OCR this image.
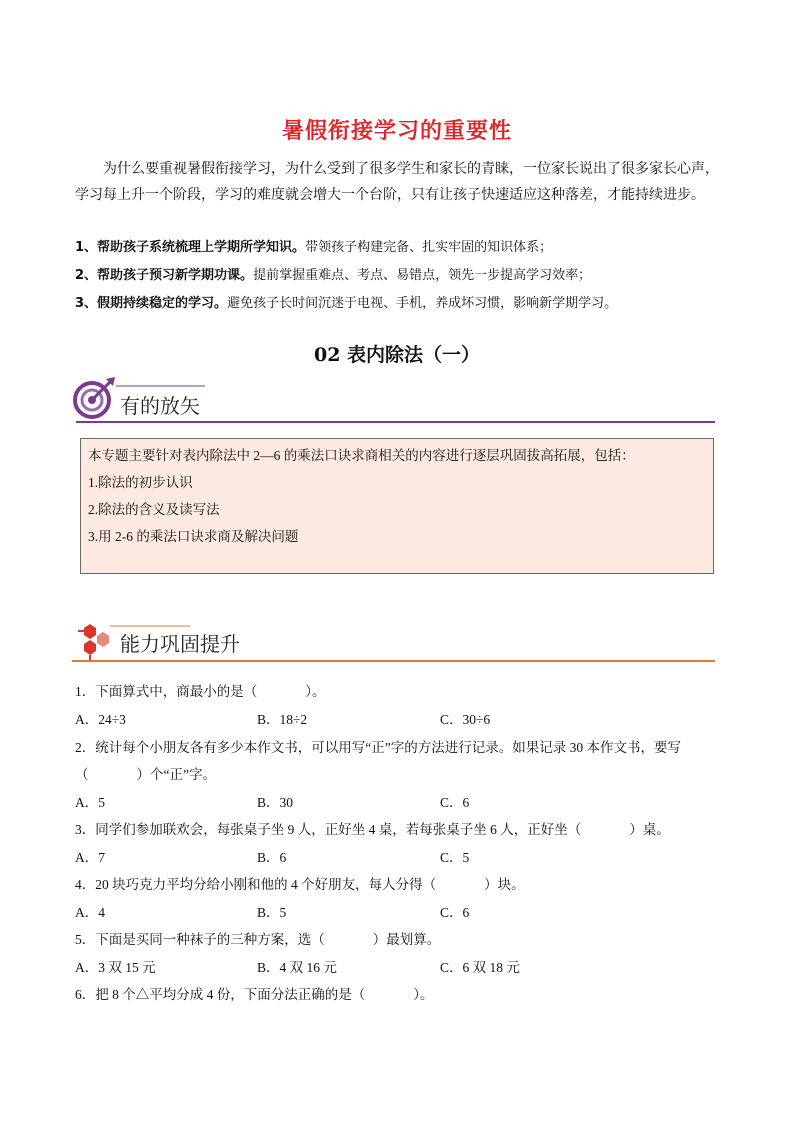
暑假衔接学习的重要性
为什么要重视暑假衔接学习，为什么受到了很多学生和家长的青睐，一位家长说出了很多家长心声，学习每上升一个阶段，学习的难度就会增大一个台阶，只有让孩子快速适应这种落差，才能持续进步。
1、帮助孩子系统梳理上学期所学知识。带领孩子构建完备、扎实牢固的知识体系；
2、帮助孩子预习新学期功课。提前掌握重难点、考点、易错点，领先一步提高学习效率；
3、假期持续稳定的学习。避免孩子长时间沉迷于电视、手机，养成坏习惯，影响新学期学习。
02 表内除法（一）
有的放矢
本专题主要针对表内除法中 2—6 的乘法口诀求商相关的内容进行逐层巩固拔高拓展，包括：
1.除法的初步认识
2.除法的含义及读写法
3.用 2-6 的乘法口诀求商及解决问题
能力巩固提升
1．下面算式中，商最小的是（	）。
A．24÷3	B．18÷2	C．30÷6
2．统计每个小朋友各有多少本作文书，可以用写“正”字的方法进行记录。如果记录 30 本作文书，要写
（	）个“正”字。
A．5	B．30	C．6
3．同学们参加联欢会，每张桌子坐 9 人，正好坐 4 桌，若每张桌子坐 6 人，正好坐（	）桌。
A．7	B．6	C．5
4．20 块巧克力平均分给小刚和他的 4 个好朋友，每人分得（	）块。
A．4	B．5	C．6
5．下面是买同一种袜子的三种方案，选（	）最划算。
A．3 双 15 元	B．4 双 16 元	C．6 双 18 元
6．把 8 个△平均分成 4 份，下面分法正确的是（	）。
